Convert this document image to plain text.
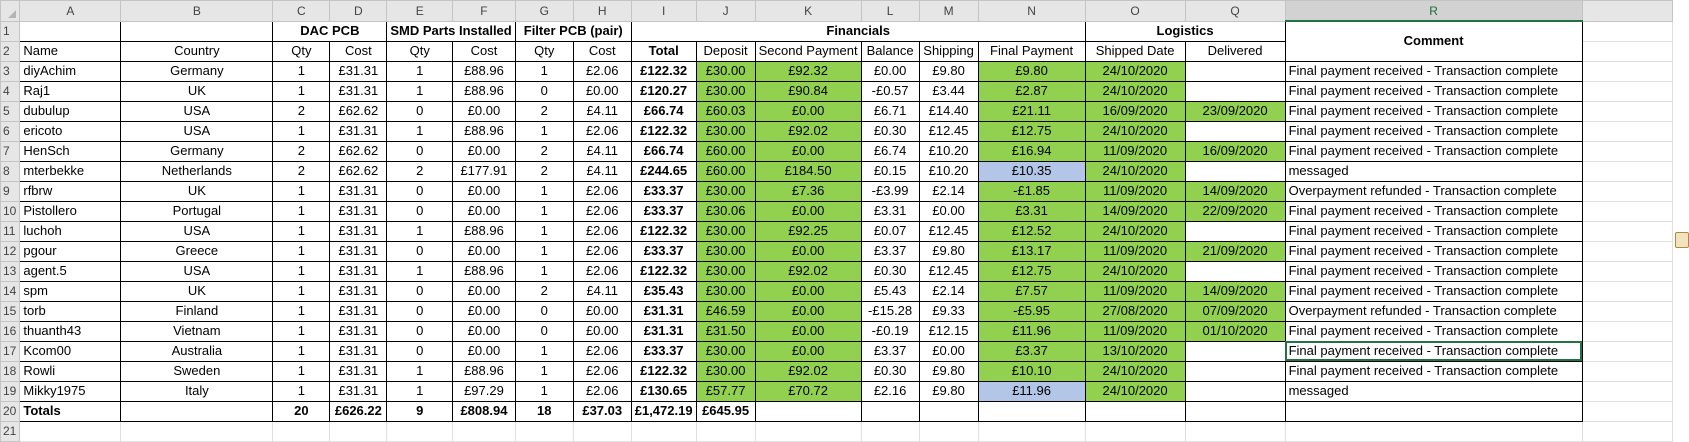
	A	B	C	D	E	F	G	H	I	J	K	L	M	N	O	Q	R	
1			DAC PCB		SMD Parts Installed		Filter PCB (pair)		Financials						Logistics		Comment	
2	Name	Country	Qty	Cost	Qty	Cost	Qty	Cost	Total	Deposit	Second Payment	Balance	Shipping	Final Payment	Shipped Date	Delivered		
3	diyAchim	Germany	1	£31.31	1	£88.96	1	£2.06	£122.32	£30.00	£92.32	£0.00	£9.80	£9.80	24/10/2020		Final payment received - Transaction complete	
4	Raj1	UK	1	£31.31	1	£88.96	0	£0.00	£120.27	£30.00	£90.84	-£0.57	£3.44	£2.87	24/10/2020		Final payment received - Transaction complete	
5	dubulup	USA	2	£62.62	0	£0.00	2	£4.11	£66.74	£60.03	£0.00	£6.71	£14.40	£21.11	16/09/2020	23/09/2020	Final payment received - Transaction complete	
6	ericoto	USA	1	£31.31	1	£88.96	1	£2.06	£122.32	£30.00	£92.02	£0.30	£12.45	£12.75	24/10/2020		Final payment received - Transaction complete	
7	HenSch	Germany	2	£62.62	0	£0.00	2	£4.11	£66.74	£60.00	£0.00	£6.74	£10.20	£16.94	11/09/2020	16/09/2020	Final payment received - Transaction complete	
8	mterbekke	Netherlands	2	£62.62	2	£177.91	2	£4.11	£244.65	£60.00	£184.50	£0.15	£10.20	£10.35	24/10/2020		messaged	
9	rfbrw	UK	1	£31.31	0	£0.00	1	£2.06	£33.37	£30.00	£7.36	-£3.99	£2.14	-£1.85	11/09/2020	14/09/2020	Overpayment refunded - Transaction complete	
10	Pistollero	Portugal	1	£31.31	0	£0.00	1	£2.06	£33.37	£30.06	£0.00	£3.31	£0.00	£3.31	14/09/2020	22/09/2020	Final payment received - Transaction complete	
11	luchoh	USA	1	£31.31	1	£88.96	1	£2.06	£122.32	£30.00	£92.25	£0.07	£12.45	£12.52	24/10/2020		Final payment received - Transaction complete	
12	pgour	Greece	1	£31.31	0	£0.00	1	£2.06	£33.37	£30.00	£0.00	£3.37	£9.80	£13.17	11/09/2020	21/09/2020	Final payment received - Transaction complete	
13	agent.5	USA	1	£31.31	1	£88.96	1	£2.06	£122.32	£30.00	£92.02	£0.30	£12.45	£12.75	24/10/2020		Final payment received - Transaction complete	
14	spm	UK	1	£31.31	0	£0.00	2	£4.11	£35.43	£30.00	£0.00	£5.43	£2.14	£7.57	11/09/2020	14/09/2020	Final payment received - Transaction complete	
15	torb	Finland	1	£31.31	0	£0.00	0	£0.00	£31.31	£46.59	£0.00	-£15.28	£9.33	-£5.95	27/08/2020	07/09/2020	Overpayment refunded - Transaction complete	
16	thuanth43	Vietnam	1	£31.31	0	£0.00	0	£0.00	£31.31	£31.50	£0.00	-£0.19	£12.15	£11.96	11/09/2020	01/10/2020	Final payment received - Transaction complete	
17	Kcom00	Australia	1	£31.31	0	£0.00	1	£2.06	£33.37	£30.00	£0.00	£3.37	£0.00	£3.37	13/10/2020		Final payment received - Transaction complete	
18	Rowli	Sweden	1	£31.31	1	£88.96	1	£2.06	£122.32	£30.00	£92.02	£0.30	£9.80	£10.10	24/10/2020		Final payment received - Transaction complete	
19	Mikky1975	Italy	1	£31.31	1	£97.29	1	£2.06	£130.65	£57.77	£70.72	£2.16	£9.80	£11.96	24/10/2020		messaged	
20	Totals		20	£626.22	9	£808.94	18	£37.03	£1,472.19	£645.95								
21																		
